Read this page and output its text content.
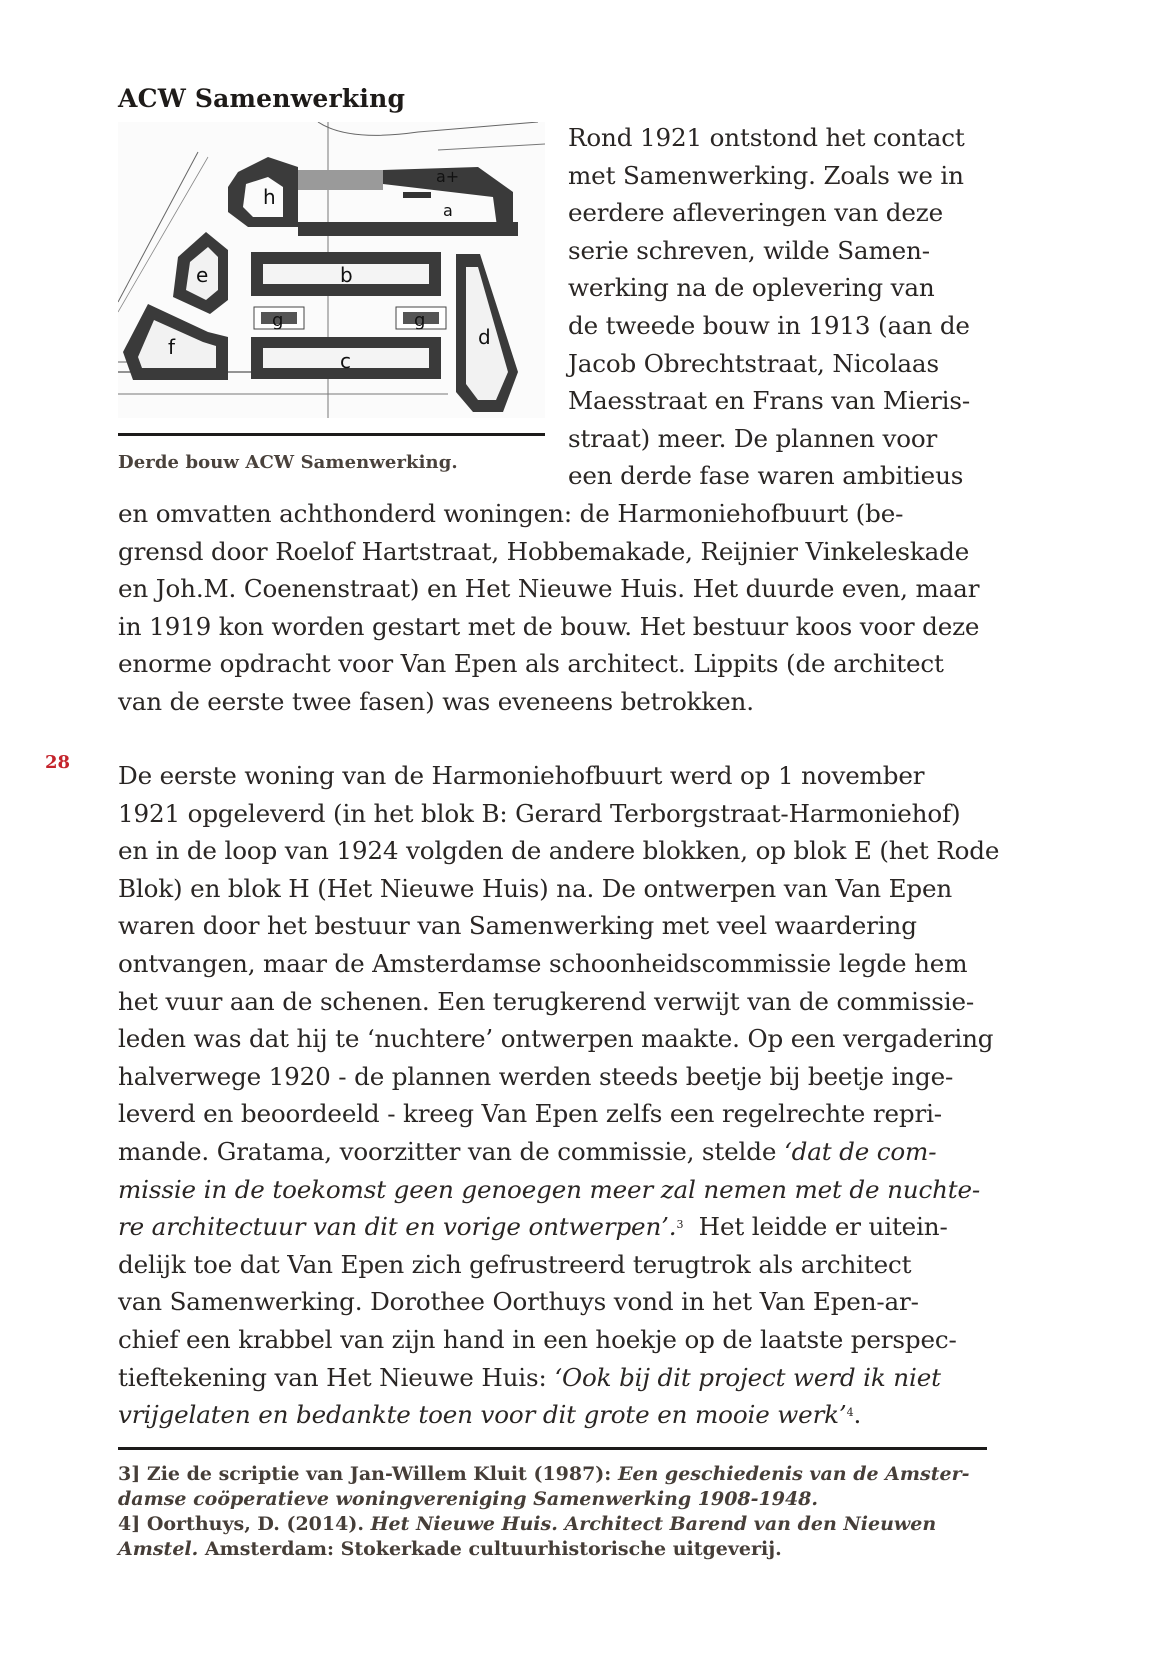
ACW Samenwerking
h
a+
a
b
c
d
e
f
g	g
Derde bouw ACW Samenwerking.
Rond 1921 ontstond het contact
met Samenwerking. Zoals we in
eerdere afleveringen van deze
serie schreven, wilde Samen-
werking na de oplevering van
de tweede bouw in 1913 (aan de
Jacob Obrechtstraat, Nicolaas
Maesstraat en Frans van Mieris-
straat) meer. De plannen voor
een derde fase waren ambitieus
en omvatten achthonderd woningen: de Harmoniehofbuurt (be-
grensd door Roelof Hartstraat, Hobbemakade, Reijnier Vinkeleskade
en Joh.M. Coenenstraat) en Het Nieuwe Huis. Het duurde even, maar
in 1919 kon worden gestart met de bouw. Het bestuur koos voor deze
enorme opdracht voor Van Epen als architect. Lippits (de architect
van de eerste twee fasen) was eveneens betrokken.
28 De eerste woning van de Harmoniehofbuurt werd op 1 november
1921 opgeleverd (in het blok B: Gerard Terborgstraat-Harmoniehof)
en in de loop van 1924 volgden de andere blokken, op blok E (het Rode
Blok) en blok H (Het Nieuwe Huis) na. De ontwerpen van Van Epen
waren door het bestuur van Samenwerking met veel waardering
ontvangen, maar de Amsterdamse schoonheidscommissie legde hem
het vuur aan de schenen. Een terugkerend verwijt van de commissie-
leden was dat hij te ‘nuchtere’ ontwerpen maakte. Op een vergadering
halverwege 1920 - de plannen werden steeds beetje bij beetje inge-
leverd en beoordeeld - kreeg Van Epen zelfs een regelrechte repri-
mande. Gratama, voorzitter van de commissie, stelde ‘dat de com-
missie in de toekomst geen genoegen meer zal nemen met de nuchte-
re architectuur van dit en vorige ontwerpen’.$^3$  Het leidde er uitein-
delijk toe dat Van Epen zich gefrustreerd terugtrok als architect
van Samenwerking. Dorothee Oorthuys vond in het Van Epen-ar-
chief een krabbel van zijn hand in een hoekje op de laatste perspec-
tieftekening van Het Nieuwe Huis: ‘Ook bij dit project werd ik niet
vrijgelaten en bedankte toen voor dit grote en mooie werk’$^4$.
3] Zie de scriptie van Jan-Willem Kluit (1987): Een geschiedenis van de Amster-
damse coöperatieve woningvereniging Samenwerking 1908-1948.
4] Oorthuys, D. (2014). Het Nieuwe Huis. Architect Barend van den Nieuwen
Amstel. Amsterdam: Stokerkade cultuurhistorische uitgeverij.
